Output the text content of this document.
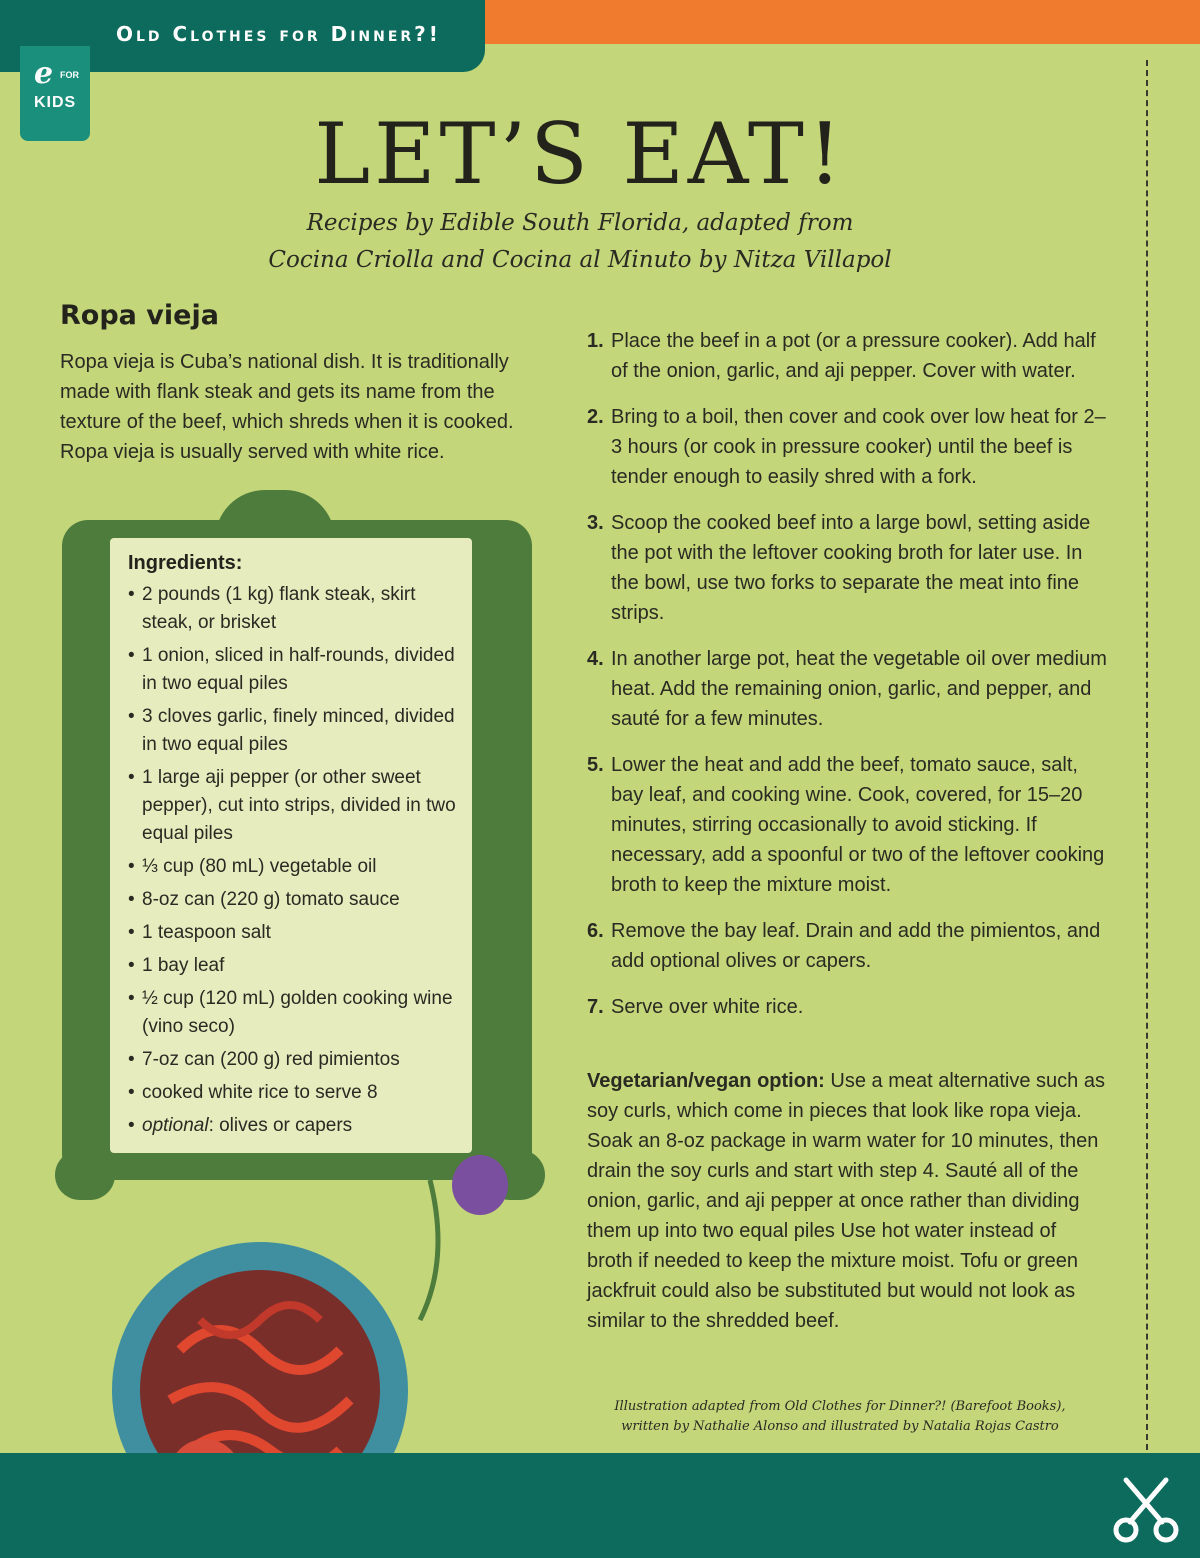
Old Clothes for Dinner?!
e FOR
KIDS
LET’S EAT!
Recipes by Edible South Florida, adapted from
Cocina Criolla and Cocina al Minuto by Nitza Villapol
Ropa vieja

Ropa vieja is Cuba’s national dish. It is traditionally made with flank steak and gets its name from the texture of the beef, which shreds when it is cooked. Ropa vieja is usually served with white rice.

Ingredients:
• 2 pounds (1 kg) flank steak, skirt steak, or brisket
• 1 onion, sliced in half-rounds, divided in two equal piles
• 3 cloves garlic, finely minced, divided in two equal piles
• 1 large aji pepper (or other sweet pepper), cut into strips, divided in two equal piles
• ⅓ cup (80 mL) vegetable oil
• 8-oz can (220 g) tomato sauce
• 1 teaspoon salt
• 1 bay leaf
• ½ cup (120 mL) golden cooking wine (vino seco)
• 7-oz can (200 g) red pimientos
• cooked white rice to serve 8
• optional: olives or capers
1. Place the beef in a pot (or a pressure cooker). Add half of the onion, garlic, and aji pepper. Cover with water.
2. Bring to a boil, then cover and cook over low heat for 2–3 hours (or cook in pressure cooker) until the beef is tender enough to easily shred with a fork.
3. Scoop the cooked beef into a large bowl, setting aside the pot with the leftover cooking broth for later use. In the bowl, use two forks to separate the meat into fine strips.
4. In another large pot, heat the vegetable oil over medium heat. Add the remaining onion, garlic, and pepper, and sauté for a few minutes.
5. Lower the heat and add the beef, tomato sauce, salt, bay leaf, and cooking wine. Cook, covered, for 15–20 minutes, stirring occasionally to avoid sticking. If necessary, add a spoonful or two of the leftover cooking broth to keep the mixture moist.
6. Remove the bay leaf. Drain and add the pimientos, and add optional olives or capers.
7. Serve over white rice.

Vegetarian/vegan option: Use a meat alternative such as soy curls, which come in pieces that look like ropa vieja. Soak an 8-oz package in warm water for 10 minutes, then drain the soy curls and start with step 4. Sauté all of the onion, garlic, and aji pepper at once rather than dividing them up into two equal piles Use hot water instead of broth if needed to keep the mixture moist. Tofu or green jackfruit could also be substituted but would not look as similar to the shredded beef.

Illustration adapted from Old Clothes for Dinner?! (Barefoot Books),
written by Nathalie Alonso and illustrated by Natalia Rojas Castro
